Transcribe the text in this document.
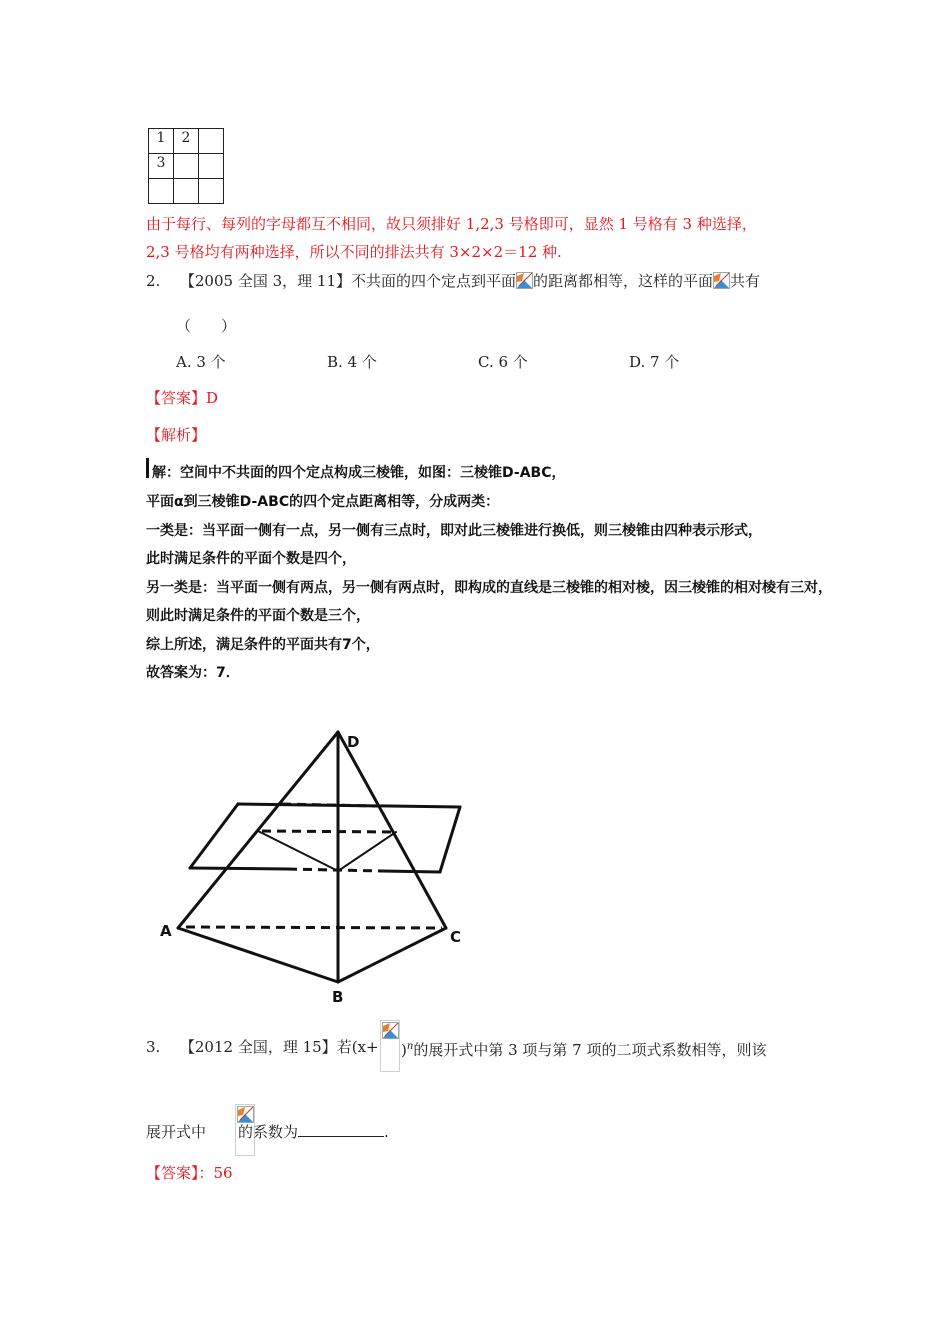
1	2	
3		

由于每行、每列的字母都互不相同，故只须排好 1,2,3 号格即可，显然 1 号格有 3 种选择，
2,3 号格均有两种选择，所以不同的排法共有 3×2×2＝12 种.
2. 【2005 全国 3，理 11】不共面的四个定点到平面 的距离都相等，这样的平面 共有
（　　）
A. 3 个	B. 4 个	C. 6 个	D. 7 个
【答案】D
【解析】
解：空间中不共面的四个定点构成三棱锥，如图：三棱锥D-ABC，
平面α到三棱锥D-ABC的四个定点距离相等，分成两类：
一类是：当平面一侧有一点，另一侧有三点时，即对此三棱锥进行换低，则三棱锥由四种表示形式，
此时满足条件的平面个数是四个，
另一类是：当平面一侧有两点，另一侧有两点时，即构成的直线是三棱锥的相对棱，因三棱锥的相对棱有三对，
则此时满足条件的平面个数是三个，
综上所述，满足条件的平面共有7个，
故答案为：7．
D
A	C
B
3. 【2012 全国，理 15】若(x+
)$^n$的展开式中第 3 项与第 7 项的二项式系数相等，则该
展开式中 的系数为	.
【答案】：56
